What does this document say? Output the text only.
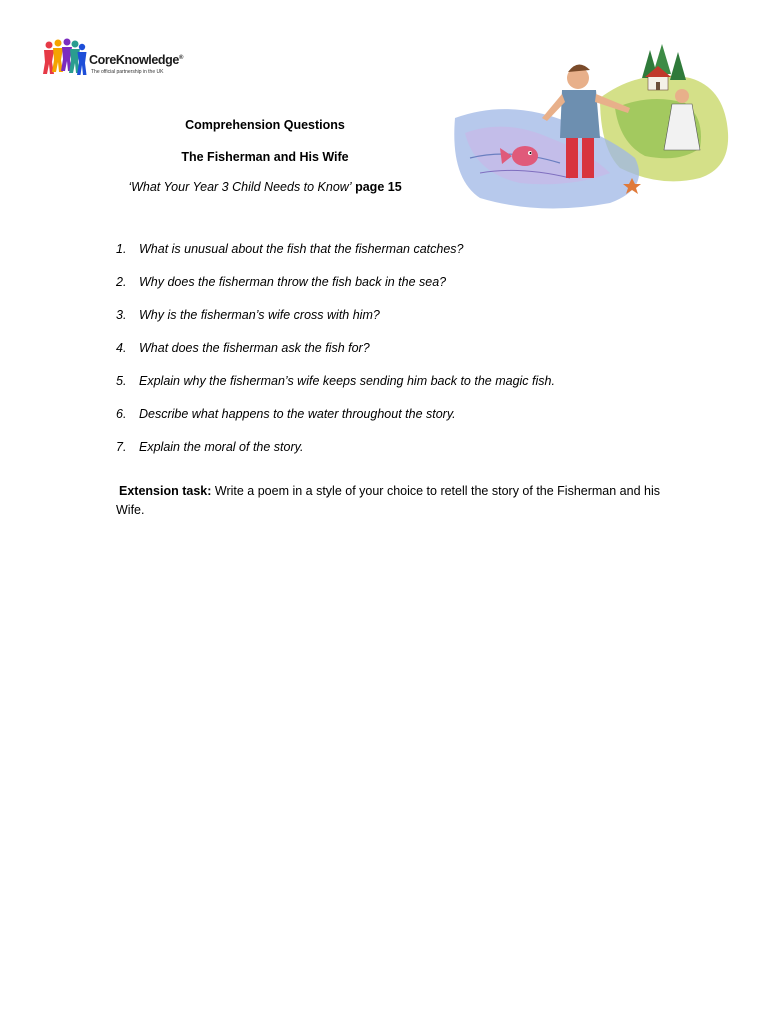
CoreKnowledge®
The official partnership in the UK
Comprehension Questions
The Fisherman and His Wife
‘What Your Year 3 Child Needs to Know’ page 15
1. What is unusual about the fish that the fisherman catches?
2. Why does the fisherman throw the fish back in the sea?
3. Why is the fisherman’s wife cross with him?
4. What does the fisherman ask the fish for?
5. Explain why the fisherman’s wife keeps sending him back to the magic fish.
6. Describe what happens to the water throughout the story.
7. Explain the moral of the story.
Extension task: Write a poem in a style of your choice to retell the story of the Fisherman and his Wife.
